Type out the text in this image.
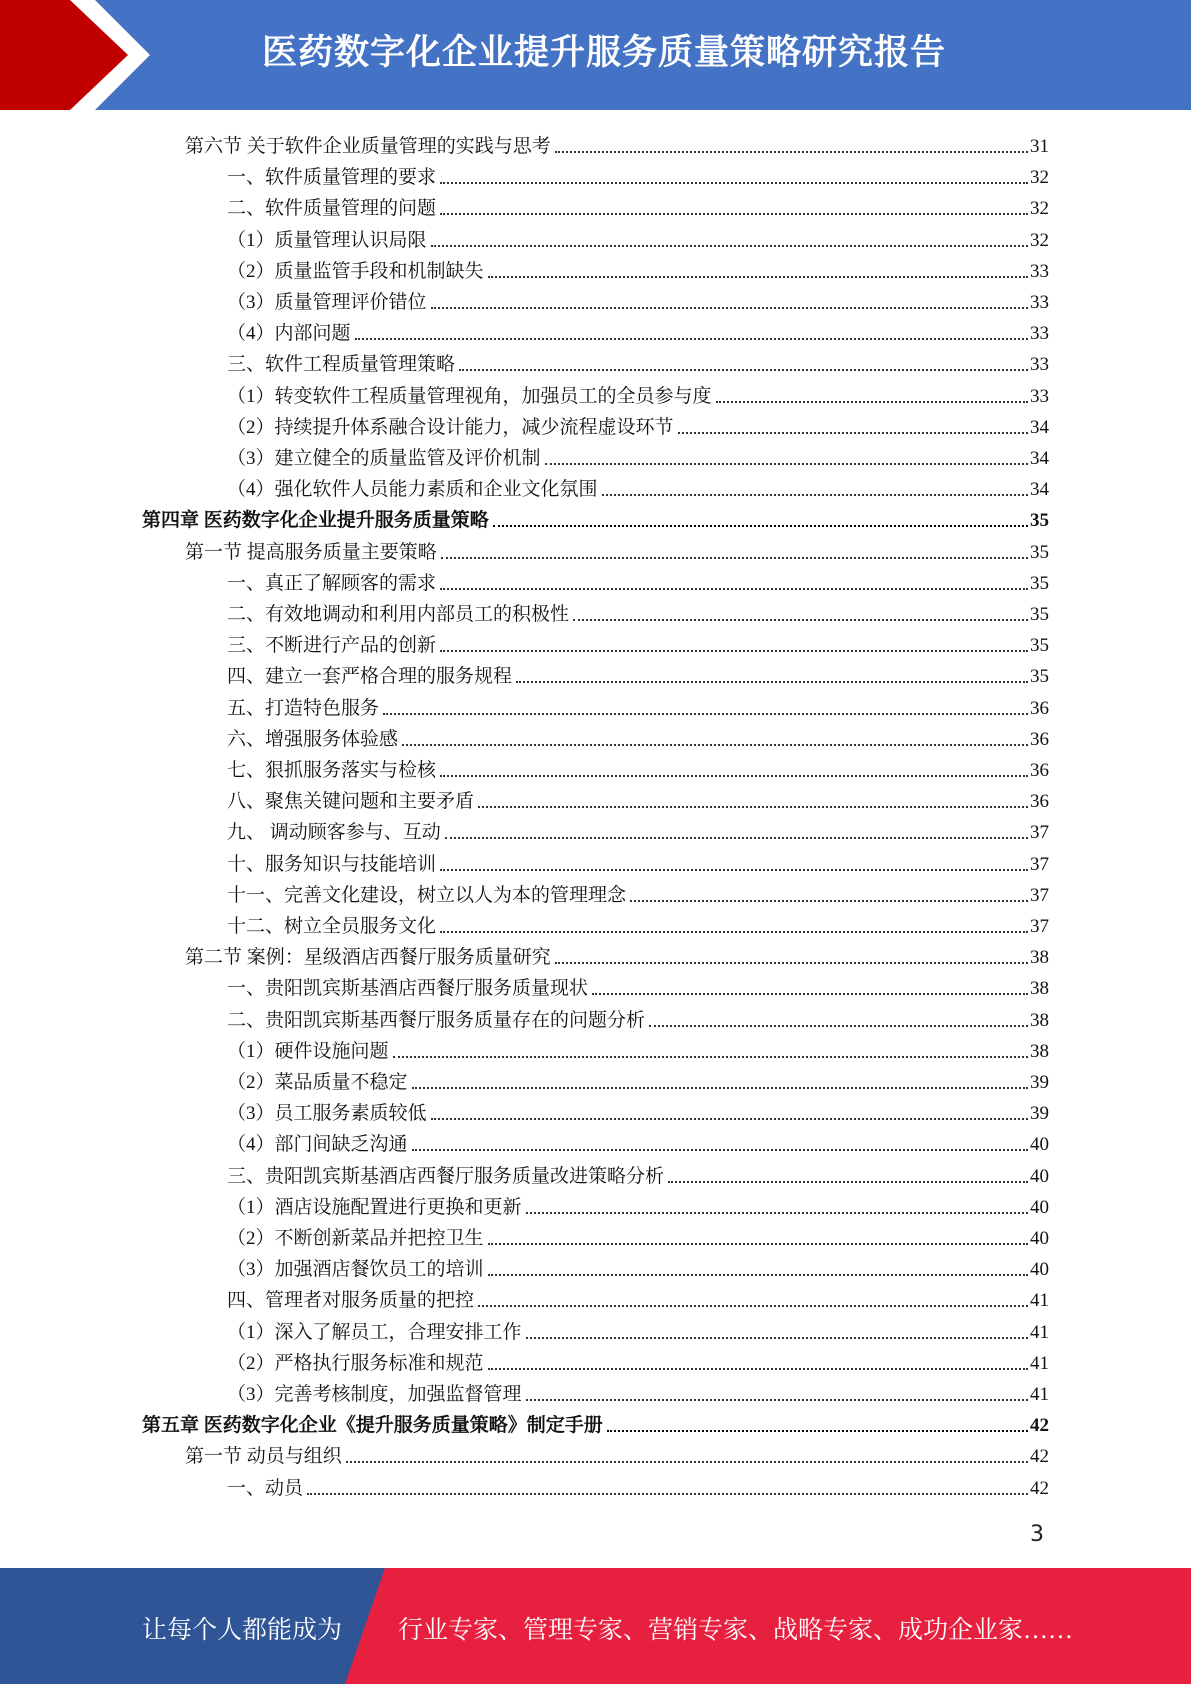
医药数字化企业提升服务质量策略研究报告
第六节 关于软件企业质量管理的实践与思考	31
一、软件质量管理的要求	32
二、软件质量管理的问题	32
（1）质量管理认识局限	32
（2）质量监管手段和机制缺失	33
（3）质量管理评价错位	33
（4）内部问题	33
三、软件工程质量管理策略	33
（1）转变软件工程质量管理视角，加强员工的全员参与度	33
（2）持续提升体系融合设计能力，减少流程虚设环节	34
（3）建立健全的质量监管及评价机制	34
（4）强化软件人员能力素质和企业文化氛围	34
第四章 医药数字化企业提升服务质量策略	35
第一节 提高服务质量主要策略	35
一、真正了解顾客的需求	35
二、有效地调动和利用内部员工的积极性	35
三、不断进行产品的创新	35
四、建立一套严格合理的服务规程	35
五、打造特色服务	36
六、增强服务体验感	36
七、狠抓服务落实与检核	36
八、聚焦关键问题和主要矛盾	36
九、 调动顾客参与、互动	37
十、服务知识与技能培训	37
十一、完善文化建设，树立以人为本的管理理念	37
十二、树立全员服务文化	37
第二节 案例：星级酒店西餐厅服务质量研究	38
一、贵阳凯宾斯基酒店西餐厅服务质量现状	38
二、贵阳凯宾斯基西餐厅服务质量存在的问题分析	38
（1）硬件设施问题	38
（2）菜品质量不稳定	39
（3）员工服务素质较低	39
（4）部门间缺乏沟通	40
三、贵阳凯宾斯基酒店西餐厅服务质量改进策略分析	40
（1）酒店设施配置进行更换和更新	40
（2）不断创新菜品并把控卫生	40
（3）加强酒店餐饮员工的培训	40
四、管理者对服务质量的把控	41
（1）深入了解员工，合理安排工作	41
（2）严格执行服务标准和规范	41
（3）完善考核制度，加强监督管理	41
第五章 医药数字化企业《提升服务质量策略》制定手册	42
第一节 动员与组织	42
一、动员	42
3
让每个人都能成为 行业专家、管理专家、营销专家、战略专家、成功企业家……
